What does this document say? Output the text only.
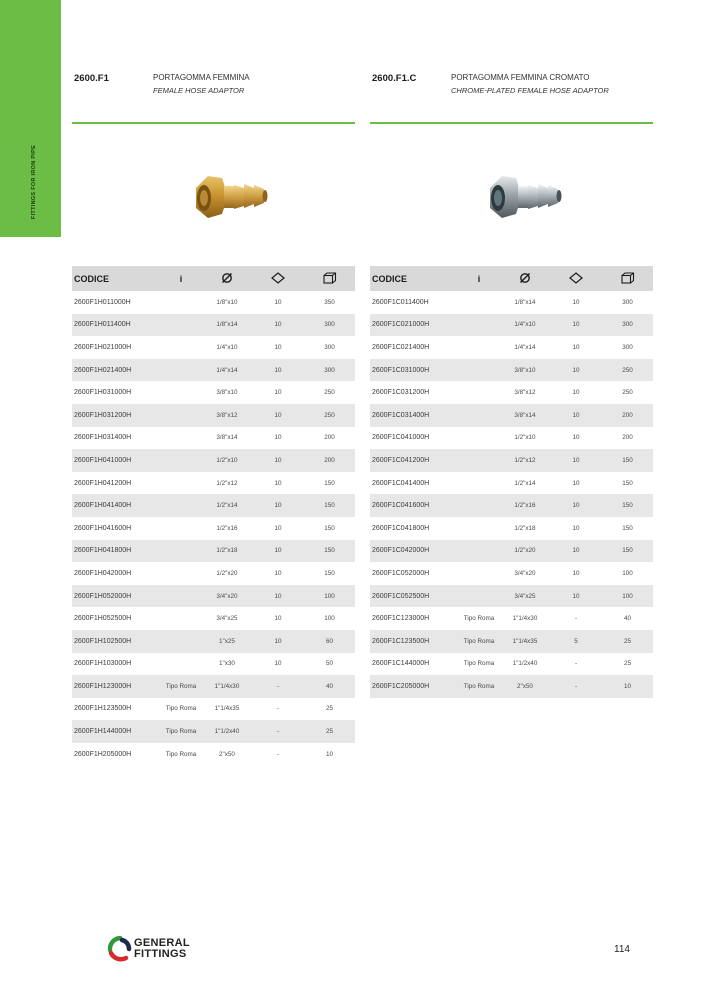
FITTINGS FOR IRON PIPE
2600.F1	PORTAGOMMA FEMMINA
FEMALE HOSE ADAPTOR
CODICE	i			
2600F1H011000H		1/8"x10	10	350
2600F1H011400H		1/8"x14	10	300
2600F1H021000H		1/4"x10	10	300
2600F1H021400H		1/4"x14	10	300
2600F1H031000H		3/8"x10	10	250
2600F1H031200H		3/8"x12	10	250
2600F1H031400H		3/8"x14	10	200
2600F1H041000H		1/2"x10	10	200
2600F1H041200H		1/2"x12	10	150
2600F1H041400H		1/2"x14	10	150
2600F1H041600H		1/2"x16	10	150
2600F1H041800H		1/2"x18	10	150
2600F1H042000H		1/2"x20	10	150
2600F1H052000H		3/4"x20	10	100
2600F1H052500H		3/4"x25	10	100
2600F1H102500H		1"x25	10	60
2600F1H103000H		1"x30	10	50
2600F1H123000H	Tipo Roma	1"1/4x30	-	40
2600F1H123500H	Tipo Roma	1"1/4x35	-	25
2600F1H144000H	Tipo Roma	1"1/2x40	-	25
2600F1H205000H	Tipo Roma	2"x50	-	10
2600.F1.C	PORTAGOMMA FEMMINA CROMATO
CHROME-PLATED FEMALE HOSE ADAPTOR
CODICE	i			
2600F1C011400H		1/8"x14	10	300
2600F1C021000H		1/4"x10	10	300
2600F1C021400H		1/4"x14	10	300
2600F1C031000H		3/8"x10	10	250
2600F1C031200H		3/8"x12	10	250
2600F1C031400H		3/8"x14	10	200
2600F1C041000H		1/2"x10	10	200
2600F1C041200H		1/2"x12	10	150
2600F1C041400H		1/2"x14	10	150
2600F1C041600H		1/2"x16	10	150
2600F1C041800H		1/2"x18	10	150
2600F1C042000H		1/2"x20	10	150
2600F1C052000H		3/4"x20	10	100
2600F1C052500H		3/4"x25	10	100
2600F1C123000H	Tipo Roma	1"1/4x30	-	40
2600F1C123500H	Tipo Roma	1"1/4x35	5	25
2600F1C144000H	Tipo Roma	1"1/2x40	-	25
2600F1C205000H	Tipo Roma	2"x50	-	10
GENERAL
FITTINGS	114
